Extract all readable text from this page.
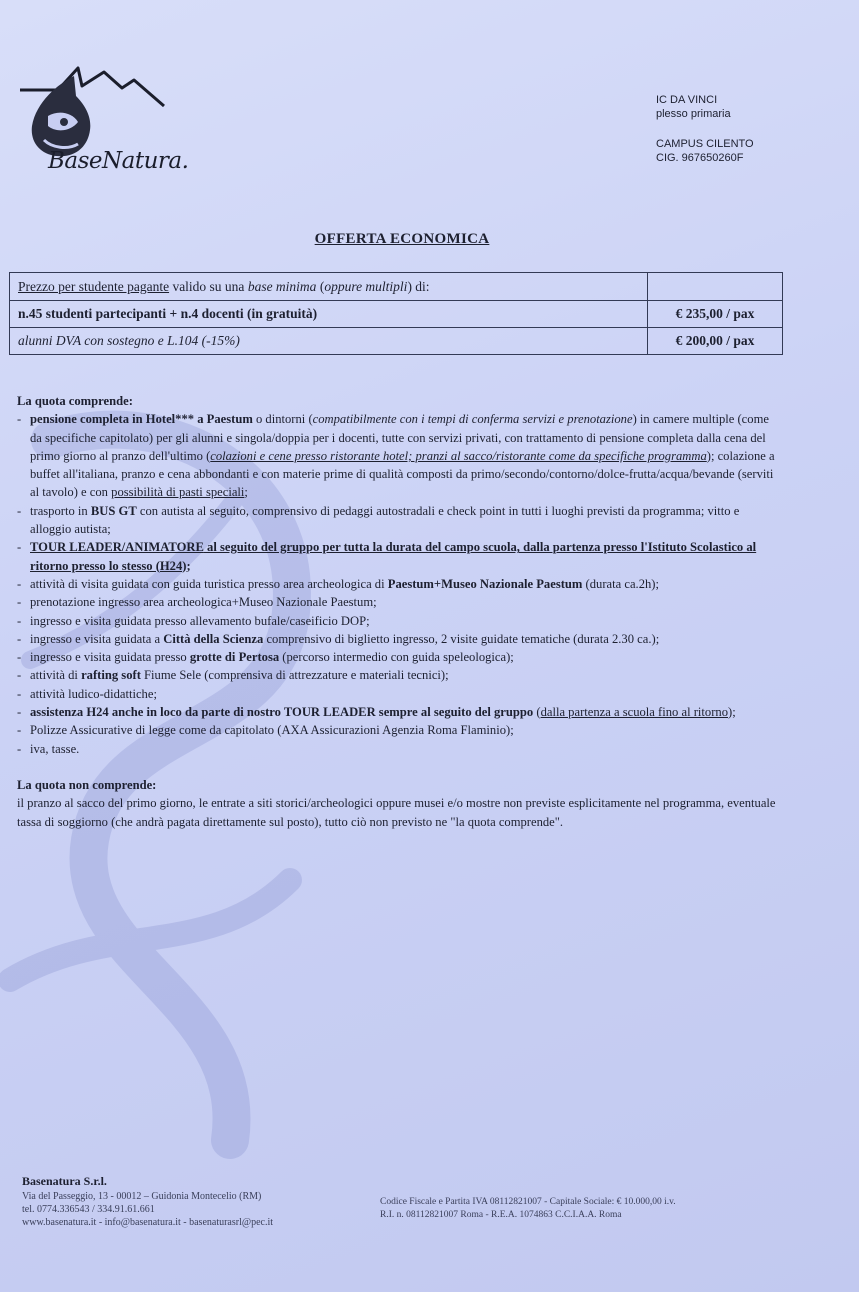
BaseNatura.
IC DA VINCI
plesso primaria
CAMPUS CILENTO
CIG. 967650260F
OFFERTA ECONOMICA
Prezzo per studente pagante valido su una base minima (oppure multipli) di:	
n.45 studenti partecipanti + n.4 docenti (in gratuità)	€ 235,00 / pax
alunni DVA con sostegno e L.104 (-15%)	€ 200,00 / pax

La quota comprende:

- pensione completa in Hotel*** a Paestum o dintorni (compatibilmente con i tempi di conferma servizi e prenotazione) in camere multiple (come da specifiche capitolato) per gli alunni e singola/doppia per i docenti, tutte con servizi privati, con trattamento di pensione completa dalla cena del primo giorno al pranzo dell'ultimo (colazioni e cene presso ristorante hotel; pranzi al sacco/ristorante come da specifiche programma); colazione a buffet all'italiana, pranzo e cena abbondanti e con materie prime di qualità composti da primo/secondo/contorno/dolce-frutta/acqua/bevande (serviti al tavolo) e con possibilità di pasti speciali;

- trasporto in BUS GT con autista al seguito, comprensivo di pedaggi autostradali e check point in tutti i luoghi previsti da programma; vitto e alloggio autista;

- TOUR LEADER/ANIMATORE al seguito del gruppo per tutta la durata del campo scuola, dalla partenza presso l'Istituto Scolastico al ritorno presso lo stesso (H24);

- attività di visita guidata con guida turistica presso area archeologica di Paestum+Museo Nazionale Paestum (durata ca.2h);

- prenotazione ingresso area archeologica+Museo Nazionale Paestum;

- ingresso e visita guidata presso allevamento bufale/caseificio DOP;

- ingresso e visita guidata a Città della Scienza comprensivo di biglietto ingresso, 2 visite guidate tematiche (durata 2.30 ca.);

- ingresso e visita guidata presso grotte di Pertosa (percorso intermedio con guida speleologica);

- attività di rafting soft Fiume Sele (comprensiva di attrezzature e materiali tecnici);

- attività ludico-didattiche;

- assistenza H24 anche in loco da parte di nostro TOUR LEADER sempre al seguito del gruppo (dalla partenza a scuola fino al ritorno);

- Polizze Assicurative di legge come da capitolato (AXA Assicurazioni Agenzia Roma Flaminio);

- iva, tasse.

La quota non comprende:

il pranzo al sacco del primo giorno, le entrate a siti storici/archeologici oppure musei e/o mostre non previste esplicitamente nel programma, eventuale tassa di soggiorno (che andrà pagata direttamente sul posto), tutto ciò non previsto ne "la quota comprende".

Basenatura S.r.l.
Via del Passeggio, 13 - 00012 – Guidonia Montecelio (RM)
tel. 0774.336543 / 334.91.61.661
www.basenatura.it - info@basenatura.it - basenaturasrl@pec.it
Codice Fiscale e Partita IVA 08112821007 - Capitale Sociale: € 10.000,00 i.v.
R.I. n. 08112821007 Roma - R.E.A. 1074863 C.C.I.A.A. Roma
